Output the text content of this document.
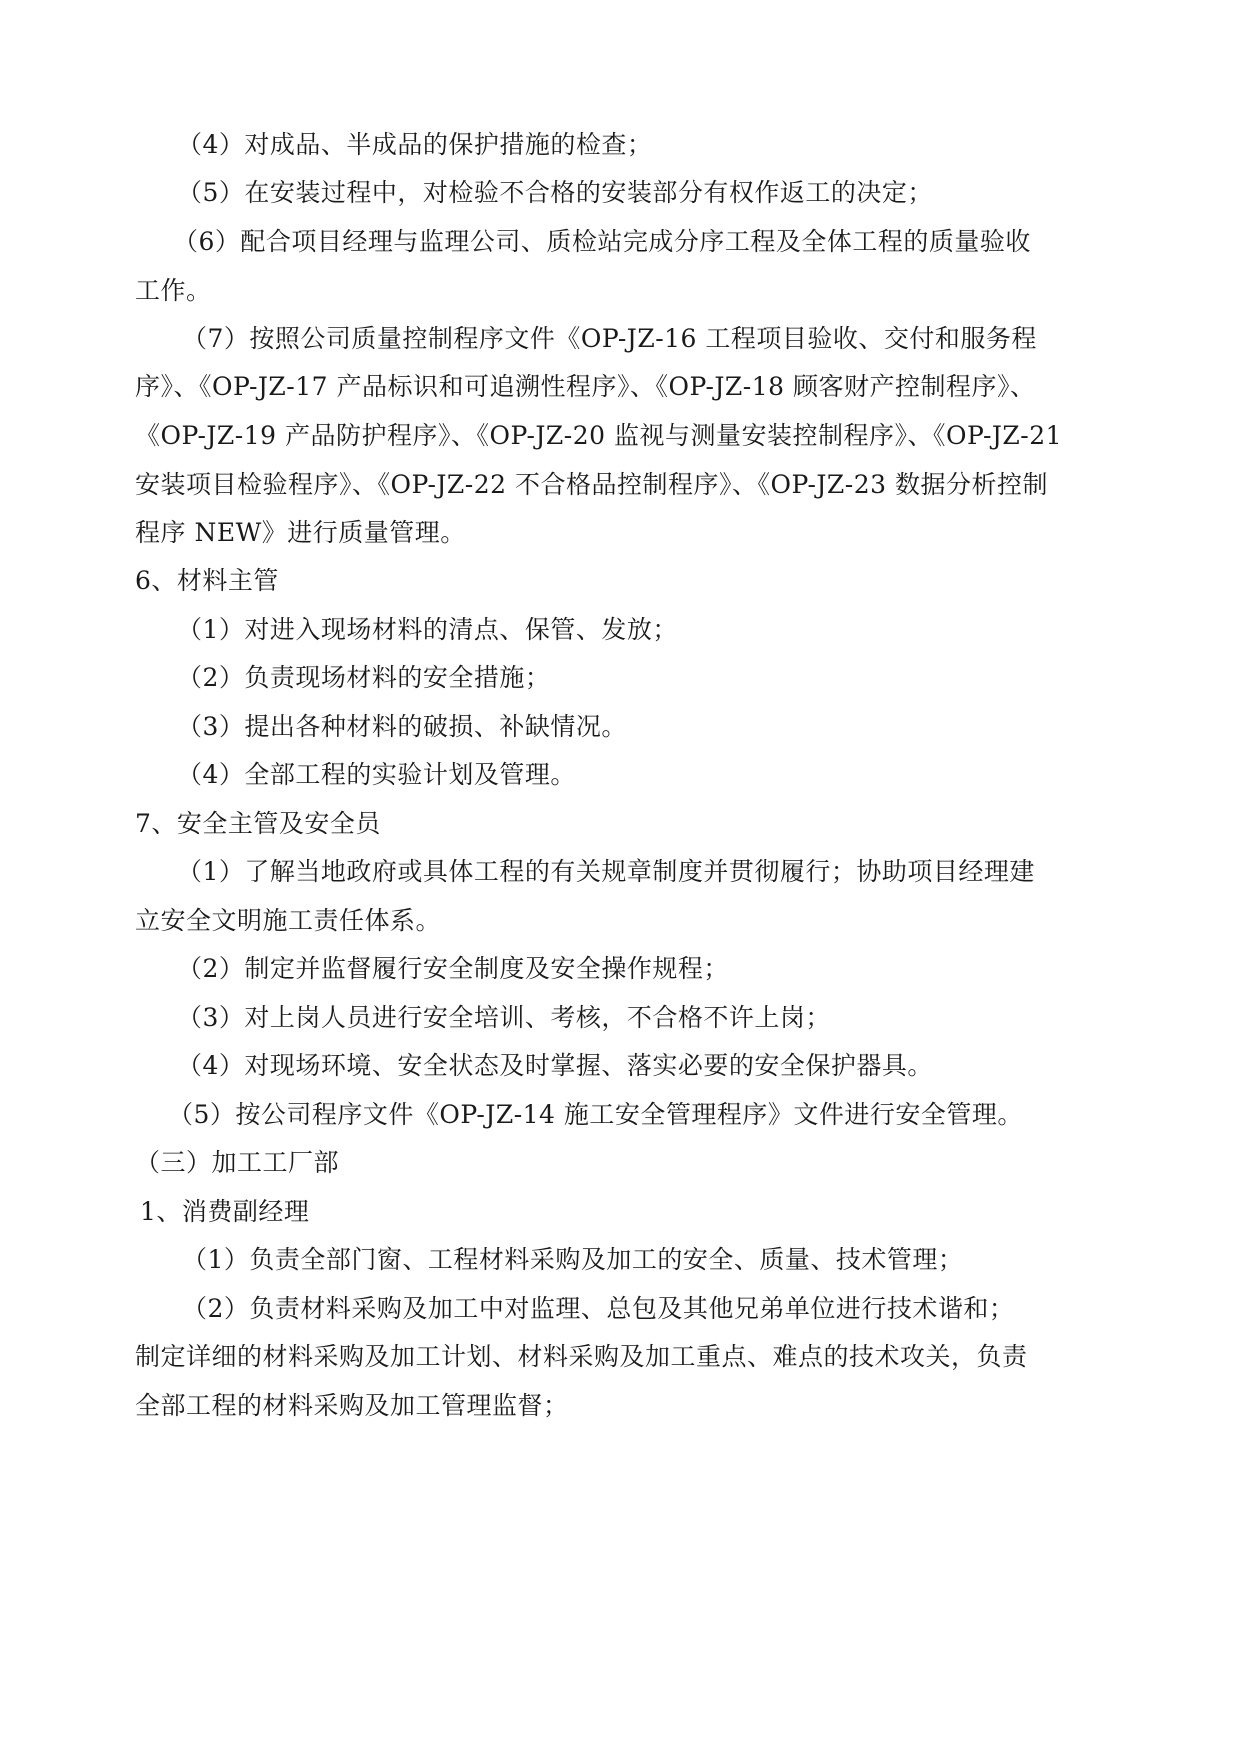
（4）对成品、半成品的保护措施的检查；
（5）在安装过程中，对检验不合格的安装部分有权作返工的决定；
（6）配合项目经理与监理公司、质检站完成分序工程及全体工程的质量验收
工作。
（7）按照公司质量控制程序文件《OP-JZ-16 工程项目验收、交付和服务程
序》、《OP-JZ-17 产品标识和可追溯性程序》、《OP-JZ-18 顾客财产控制程序》、
《OP-JZ-19 产品防护程序》、《OP-JZ-20 监视与测量安装控制程序》、《OP-JZ-21
安装项目检验程序》、《OP-JZ-22 不合格品控制程序》、《OP-JZ-23 数据分析控制
程序 NEW》进行质量管理。
6、材料主管
（1）对进入现场材料的清点、保管、发放；
（2）负责现场材料的安全措施；
（3）提出各种材料的破损、补缺情况。
（4）全部工程的实验计划及管理。
7、安全主管及安全员
（1）了解当地政府或具体工程的有关规章制度并贯彻履行；协助项目经理建
立安全文明施工责任体系。
（2）制定并监督履行安全制度及安全操作规程；
（3）对上岗人员进行安全培训、考核，不合格不许上岗；
（4）对现场环境、安全状态及时掌握、落实必要的安全保护器具。
（5）按公司程序文件《OP-JZ-14 施工安全管理程序》文件进行安全管理。
（三）加工工厂部
1、消费副经理
（1）负责全部门窗、工程材料采购及加工的安全、质量、技术管理；
（2）负责材料采购及加工中对监理、总包及其他兄弟单位进行技术谐和；
制定详细的材料采购及加工计划、材料采购及加工重点、难点的技术攻关，负责
全部工程的材料采购及加工管理监督；
